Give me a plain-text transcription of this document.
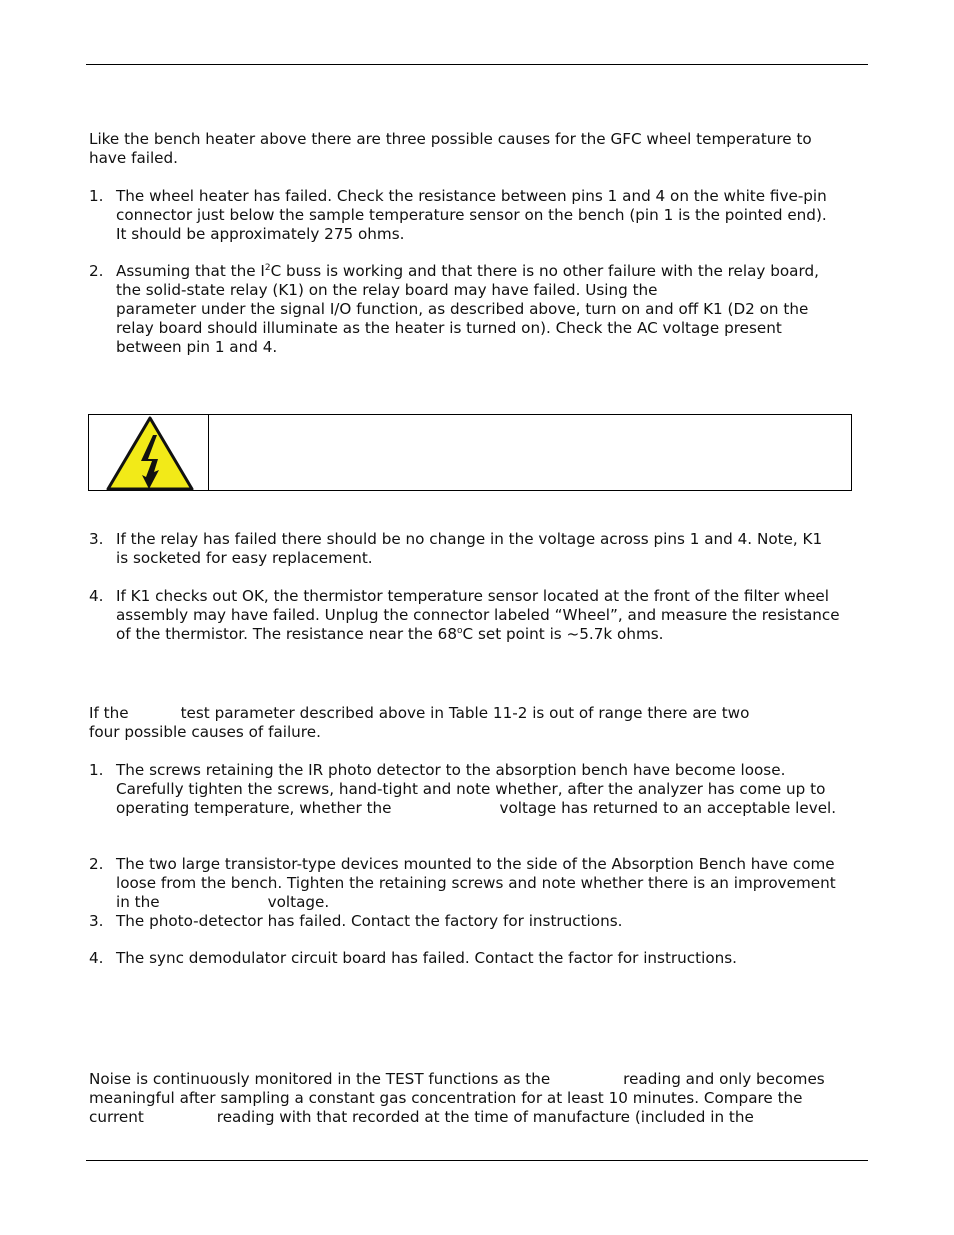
Like the bench heater above there are three possible causes for the GFC wheel temperature to
have failed.

1. The wheel heater has failed. Check the resistance between pins 1 and 4 on the white five-pin
connector just below the sample temperature sensor on the bench (pin 1 is the pointed end).
It should be approximately 275 ohms.
2. Assuming that the $I^2C$ buss is working and that there is no other failure with the relay board,
the solid-state relay (K1) on the relay board may have failed. Using the
parameter under the signal I/O function, as described above, turn on and off K1 (D2 on the
relay board should illuminate as the heater is turned on). Check the AC voltage present
between pin 1 and 4.
3. If the relay has failed there should be no change in the voltage across pins 1 and 4. Note, K1
is socketed for easy replacement.
4. If K1 checks out OK, the thermistor temperature sensor located at the front of the filter wheel
assembly may have failed. Unplug the connector labeled “Wheel”, and measure the resistance
of the thermistor. The resistance near the 68$^o$C set point is ~5.7k ohms.
If the	test parameter described above in Table 11-2 is out of range there are two
four possible causes of failure.
1. The screws retaining the IR photo detector to the absorption bench have become loose.
Carefully tighten the screws, hand-tight and note whether, after the analyzer has come up to
operating temperature, whether the	voltage has returned to an acceptable level.
2. The two large transistor-type devices mounted to the side of the Absorption Bench have come
loose from the bench. Tighten the retaining screws and note whether there is an improvement
in the	voltage.
3. The photo-detector has failed. Contact the factory for instructions.
4. The sync demodulator circuit board has failed. Contact the factor for instructions.
Noise is continuously monitored in the TEST functions as the	reading and only becomes
meaningful after sampling a constant gas concentration for at least 10 minutes. Compare the
current	reading with that recorded at the time of manufacture (included in the
